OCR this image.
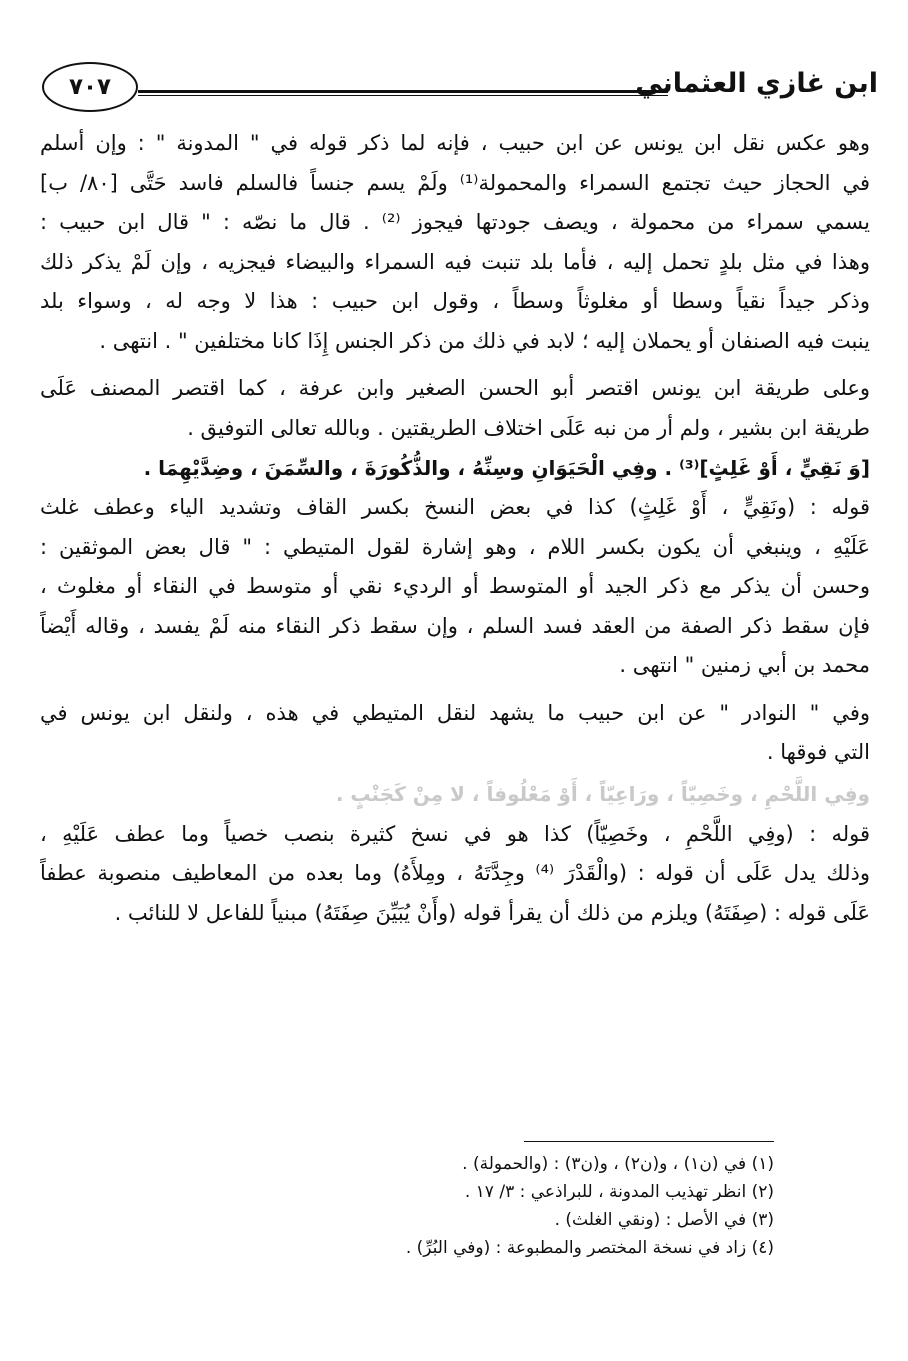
ابن غازي العثماني
٧٠٧
وهو عكس نقل ابن يونس عن ابن حبيب ، فإنه لما ذكر قوله في " المدونة " : وإن أسلم
في الحجاز حيث تجتمع السمراء والمحمولة⁽¹⁾ ولَمْ يسم جنساً فالسلم فاسد حَتَّى [٨٠/ ب]
يسمي سمراء من محمولة ، ويصف جودتها فيجوز ⁽²⁾ . قال ما نصّه : " قال ابن حبيب :
وهذا في مثل بلدٍ تحمل إليه ، فأما بلد تنبت فيه السمراء والبيضاء فيجزيه ، وإن لَمْ يذكر ذلك
وذكر جيداً نقياً وسطا أو مغلوثاً وسطاً ، وقول ابن حبيب : هذا لا وجه له ، وسواء بلد
ينبت فيه الصنفان أو يحملان إليه ؛ لابد في ذلك من ذكر الجنس إِذَا كانا مختلفين " . انتهى .
وعلى طريقة ابن يونس اقتصر أبو الحسن الصغير وابن عرفة ، كما اقتصر المصنف عَلَى
طريقة ابن بشير ، ولم أر من نبه عَلَى اختلاف الطريقتين . وبالله تعالى التوفيق .
[وَ نَقِيٍّ ، أَوْ غَلِثٍ]⁽³⁾ . وفِي الْحَيَوَانِ وسِنِّهُ ، والذُّكُورَةَ ، والسِّمَنَ ، وضِدَّيْهِمَا .
قوله : (ونَقِيٍّ ، أَوْ غَلِثٍ) كذا في بعض النسخ بكسر القاف وتشديد الياء وعطف غلث
عَلَيْهِ ، وينبغي أن يكون بكسر اللام ، وهو إشارة لقول المتيطي : " قال بعض الموثقين :
وحسن أن يذكر مع ذكر الجيد أو المتوسط أو الرديء نقي أو متوسط في النقاء أو مغلوث ،
فإن سقط ذكر الصفة من العقد فسد السلم ، وإن سقط ذكر النقاء منه لَمْ يفسد ، وقاله أَيْضاً
محمد بن أبي زمنين " انتهى .
وفي " النوادر " عن ابن حبيب ما يشهد لنقل المتيطي في هذه ، ولنقل ابن يونس في
التي فوقها .
وفِي اللَّحْمِ ، وخَصِيّاً ، ورَاعِيّاً ، أَوْ مَعْلُوفاً ، لا مِنْ كَجَنْبٍ .
قوله : (وفِي اللَّحْمِ ، وخَصِيّاً) كذا هو في نسخ كثيرة بنصب خصياً وما عطف عَلَيْهِ ،
وذلك يدل عَلَى أن قوله : (والْقَدْرَ ⁽⁴⁾ وجِدَّتَهُ ، ومِلأَهُ) وما بعده من المعاطيف منصوبة عطفاً
عَلَى قوله : (صِفَتَهُ) ويلزم من ذلك أن يقرأ قوله (وأَنْ يُبَيِّنَ صِفَتَهُ) مبنياً للفاعل لا للنائب .
(١) في (ن١) ، و(ن٢) ، و(ن٣) : (والحمولة) .
(٢) انظر تهذيب المدونة ، للبراذعي : ٣/ ١٧ .
(٣) في الأصل : (ونقي الغلث) .
(٤) زاد في نسخة المختصر والمطبوعة : (وفي البُرِّ) .
